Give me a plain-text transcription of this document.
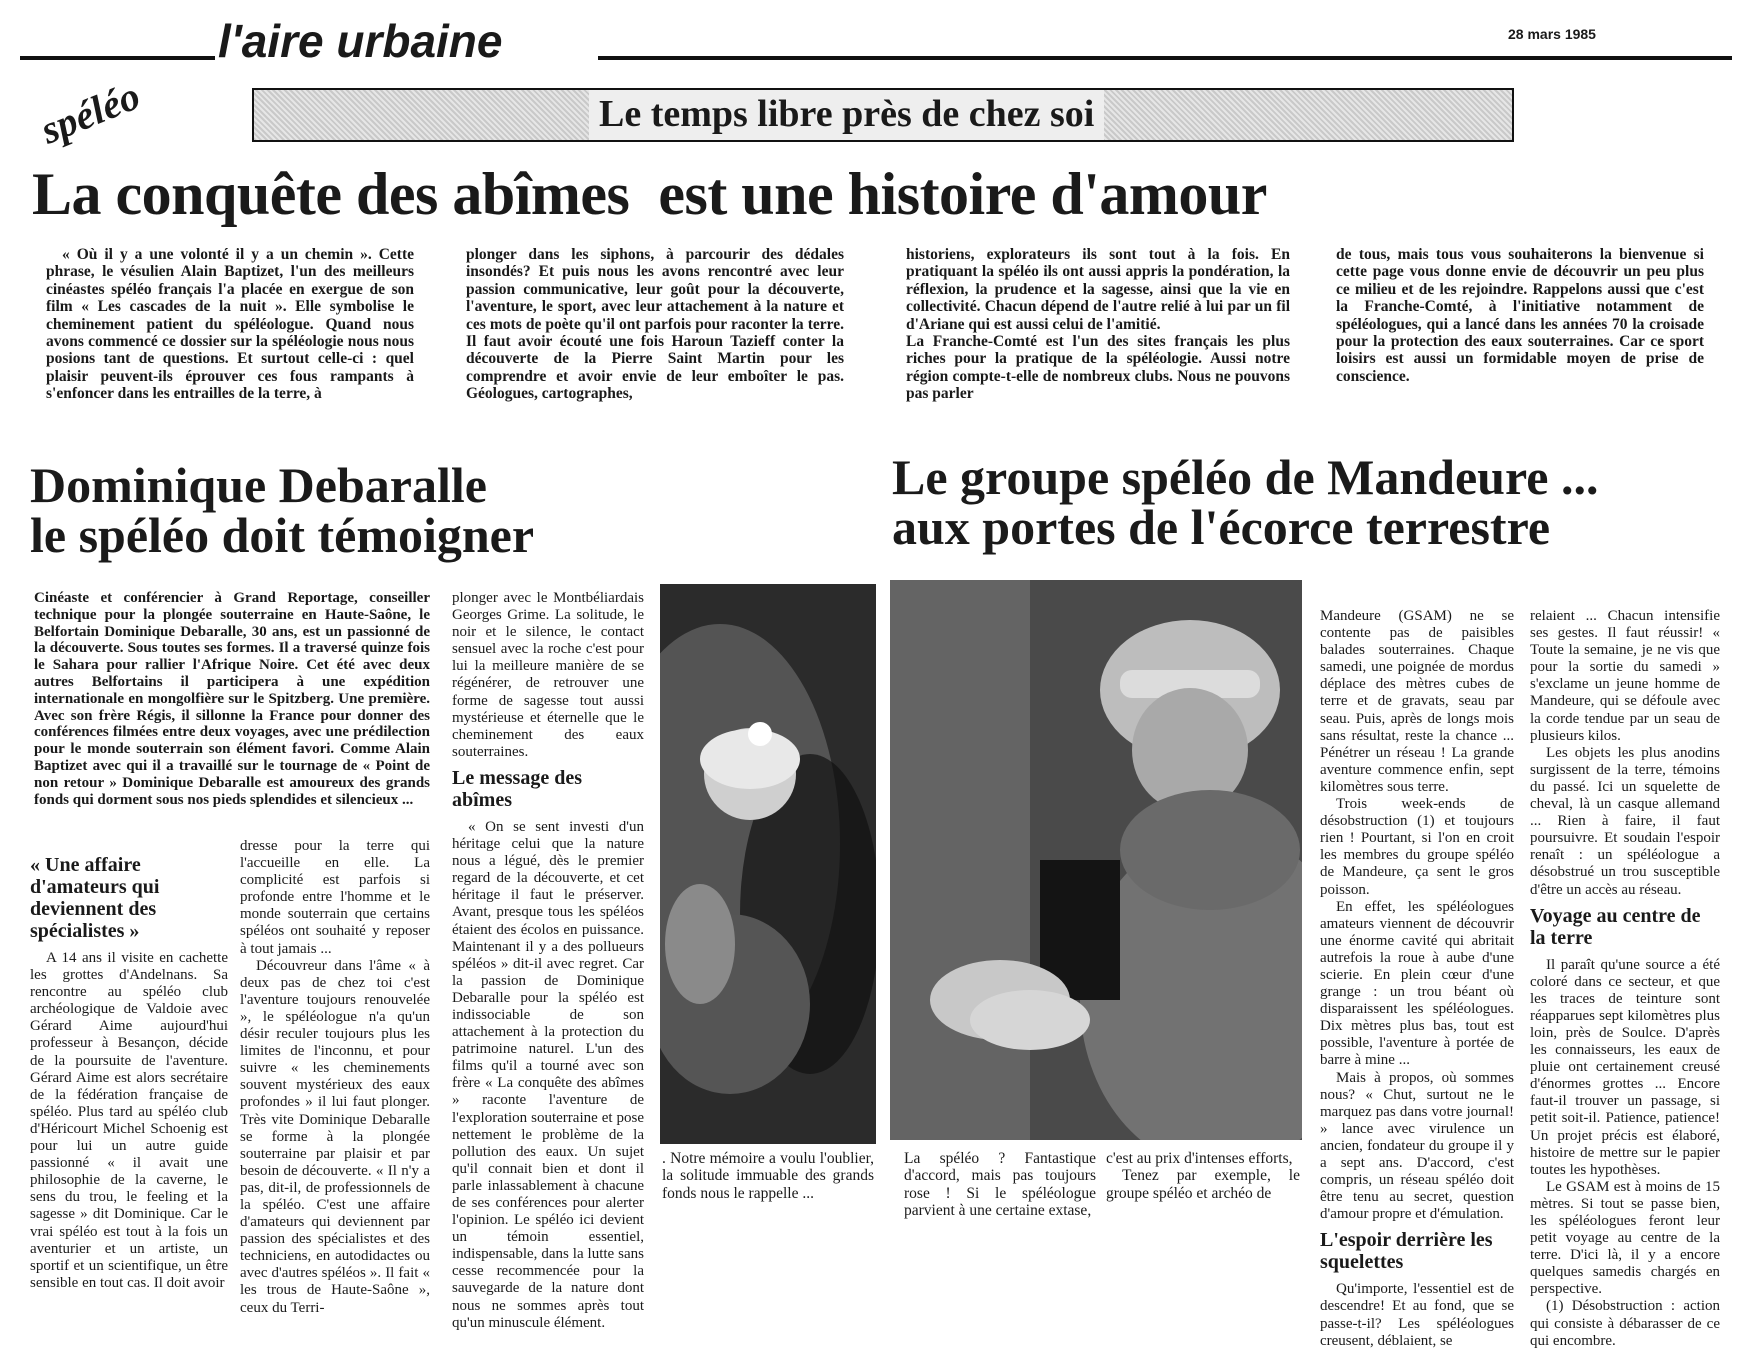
l'aire urbaine	28 mars 1985
spéléo	Le temps libre près de chez soi
La conquête des abîmes  est une histoire d'amour

« Où il y a une volonté il y a un chemin ». Cette phrase, le vésulien Alain Baptizet, l'un des meilleurs cinéastes spéléo français l'a placée en exergue de son film « Les cascades de la nuit ». Elle symbolise le cheminement patient du spéléologue. Quand nous avons commencé ce dossier sur la spéléologie nous nous posions tant de questions. Et surtout celle-ci : quel plaisir peuvent-ils éprouver ces fous rampants à s'enfoncer dans les entrailles de la terre, à

plonger dans les siphons, à parcourir des dédales insondés? Et puis nous les avons rencontré avec leur passion communicative, leur goût pour la découverte, l'aventure, le sport, avec leur attachement à la nature et ces mots de poète qu'il ont parfois pour raconter la terre. Il faut avoir écouté une fois Haroun Tazieff conter la découverte de la Pierre Saint Martin pour les comprendre et avoir envie de leur emboîter le pas. Géologues, cartographes,

historiens, explorateurs ils sont tout à la fois. En pratiquant la spéléo ils ont aussi appris la pondération, la réflexion, la prudence et la sagesse, ainsi que la vie en collectivité. Chacun dépend de l'autre relié à lui par un fil d'Ariane qui est aussi celui de l'amitié.

La Franche-Comté est l'un des sites français les plus riches pour la pratique de la spéléologie. Aussi notre région compte-t-elle de nombreux clubs. Nous ne pouvons pas parler

de tous, mais tous vous souhaiterons la bienvenue si cette page vous donne envie de découvrir un peu plus ce milieu et de les rejoindre. Rappelons aussi que c'est la Franche-Comté, à l'initiative notamment de spéléologues, qui a lancé dans les années 70 la croisade pour la protection des eaux souterraines. Car ce sport loisirs est aussi un formidable moyen de prise de conscience.

Dominique Debaralle
le spéléo doit témoigner

Cinéaste et conférencier à Grand Reportage, conseiller technique pour la plongée souterraine en Haute-Saône, le Belfortain Dominique Debaralle, 30 ans, est un passionné de la découverte. Sous toutes ses formes. Il a traversé quinze fois le Sahara pour rallier l'Afrique Noire. Cet été avec deux autres Belfortains il participera à une expédition internationale en mongolfière sur le Spitzberg. Une première. Avec son frère Régis, il sillonne la France pour donner des conférences filmées entre deux voyages, avec une prédilection pour le monde souterrain son élément favori. Comme Alain Baptizet avec qui il a travaillé sur le tournage de « Point de non retour » Dominique Debaralle est amoureux des grands fonds qui dorment sous nos pieds splendides et silencieux ...

« Une affaire d'amateurs qui deviennent des spécialistes »

A 14 ans il visite en cachette les grottes d'Andelnans. Sa rencontre au spéléo club archéologique de Valdoie avec Gérard Aime aujourd'hui professeur à Besançon, décide de la poursuite de l'aventure. Gérard Aime est alors secrétaire de la fédération française de spéléo. Plus tard au spéléo club d'Héricourt Michel Schoenig est pour lui un autre guide passionné « il avait une philosophie de la caverne, le sens du trou, le feeling et la sagesse » dit Dominique. Car le vrai spéléo est tout à la fois un aventurier et un artiste, un sportif et un scientifique, un être sensible en tout cas. Il doit avoir

dresse pour la terre qui l'accueille en elle. La complicité est parfois si profonde entre l'homme et le monde souterrain que certains spéléos ont souhaité y reposer à tout jamais ...

Découvreur dans l'âme « à deux pas de chez toi c'est l'aventure toujours renouvelée », le spéléologue n'a qu'un désir reculer toujours plus les limites de l'inconnu, et pour suivre « les cheminements souvent mystérieux des eaux profondes » il lui faut plonger. Très vite Dominique Debaralle se forme à la plongée souterraine par plaisir et par besoin de découverte. « Il n'y a pas, dit-il, de professionnels de la spéléo. C'est une affaire d'amateurs qui deviennent par passion des spécialistes et des techniciens, en autodidactes ou avec d'autres spéléos ». Il fait « les trous de Haute-Saône », ceux du Terri-

plonger avec le Montbéliardais Georges Grime. La solitude, le noir et le silence, le contact sensuel avec la roche c'est pour lui la meilleure manière de se régénérer, de retrouver une forme de sagesse tout aussi mystérieuse et éternelle que le cheminement des eaux souterraines.

Le message des abîmes

« On se sent investi d'un héritage celui que la nature nous a légué, dès le premier regard de la découverte, et cet héritage il faut le préserver. Avant, presque tous les spéléos étaient des écolos en puissance. Maintenant il y a des pollueurs spéléos » dit-il avec regret. Car la passion de Dominique Debaralle pour la spéléo est indissociable de son attachement à la protection du patrimoine naturel. L'un des films qu'il a tourné avec son frère « La conquête des abîmes » raconte l'aventure de l'exploration souterraine et pose nettement le problème de la pollution des eaux. Un sujet qu'il connait bien et dont il parle inlassablement à chacune de ses conférences pour alerter l'opinion. Le spéléo ici devient un témoin essentiel, indispensable, dans la lutte sans cesse recommencée pour la sauvegarde de la nature dont nous ne sommes après tout qu'un minuscule élément.

. Notre mémoire a voulu l'oublier, la solitude immuable des grands fonds nous le rappelle ...
Le groupe spéléo de Mandeure ...
aux portes de l'écorce terrestre
La spéléo ? Fantastique d'accord, mais pas toujours rose ! Si le spéléologue parvient à une certaine extase,

c'est au prix d'intenses efforts,

Tenez par exemple, le groupe spéléo et archéo de

Mandeure (GSAM) ne se contente pas de paisibles balades souterraines. Chaque samedi, une poignée de mordus déplace des mètres cubes de terre et de gravats, seau par seau. Puis, après de longs mois sans résultat, reste la chance ... Pénétrer un réseau ! La grande aventure commence enfin, sept kilomètres sous terre.

Trois week-ends de désobstruction (1) et toujours rien ! Pourtant, si l'on en croit les membres du groupe spéléo de Mandeure, ça sent le gros poisson.

En effet, les spéléologues amateurs viennent de découvrir une énorme cavité qui abritait autrefois la roue à aube d'une scierie. En plein cœur d'une grange : un trou béant où disparaissent les spéléologues. Dix mètres plus bas, tout est possible, l'aventure à portée de barre à mine ...

Mais à propos, où sommes nous? « Chut, surtout ne le marquez pas dans votre journal! » lance avec virulence un ancien, fondateur du groupe il y a sept ans. D'accord, c'est compris, un réseau spéléo doit être tenu au secret, question d'amour propre et d'émulation.

L'espoir derrière les squelettes

Qu'importe, l'essentiel est de descendre! Et au fond, que se passe-t-il? Les spéléologues creusent, déblaient, se

relaient ... Chacun intensifie ses gestes. Il faut réussir! « Toute la semaine, je ne vis que pour la sortie du samedi » s'exclame un jeune homme de Mandeure, qui se défoule avec la corde tendue par un seau de plusieurs kilos.

Les objets les plus anodins surgissent de la terre, témoins du passé. Ici un squelette de cheval, là un casque allemand ... Rien à faire, il faut poursuivre. Et soudain l'espoir renaît : un spéléologue a désobstrué un trou susceptible d'être un accès au réseau.

Voyage au centre de la terre

Il paraît qu'une source a été coloré dans ce secteur, et que les traces de teinture sont réapparues sept kilomètres plus loin, près de Soulce. D'après les connaisseurs, les eaux de pluie ont certainement creusé d'énormes grottes ... Encore faut-il trouver un passage, si petit soit-il. Patience, patience! Un projet précis est élaboré, histoire de mettre sur le papier toutes les hypothèses.

Le GSAM est à moins de 15 mètres. Si tout se passe bien, les spéléologues feront leur petit voyage au centre de la terre. D'ici là, il y a encore quelques samedis chargés en perspective.

(1) Désobstruction : action qui consiste à débarasser de ce qui encombre.
